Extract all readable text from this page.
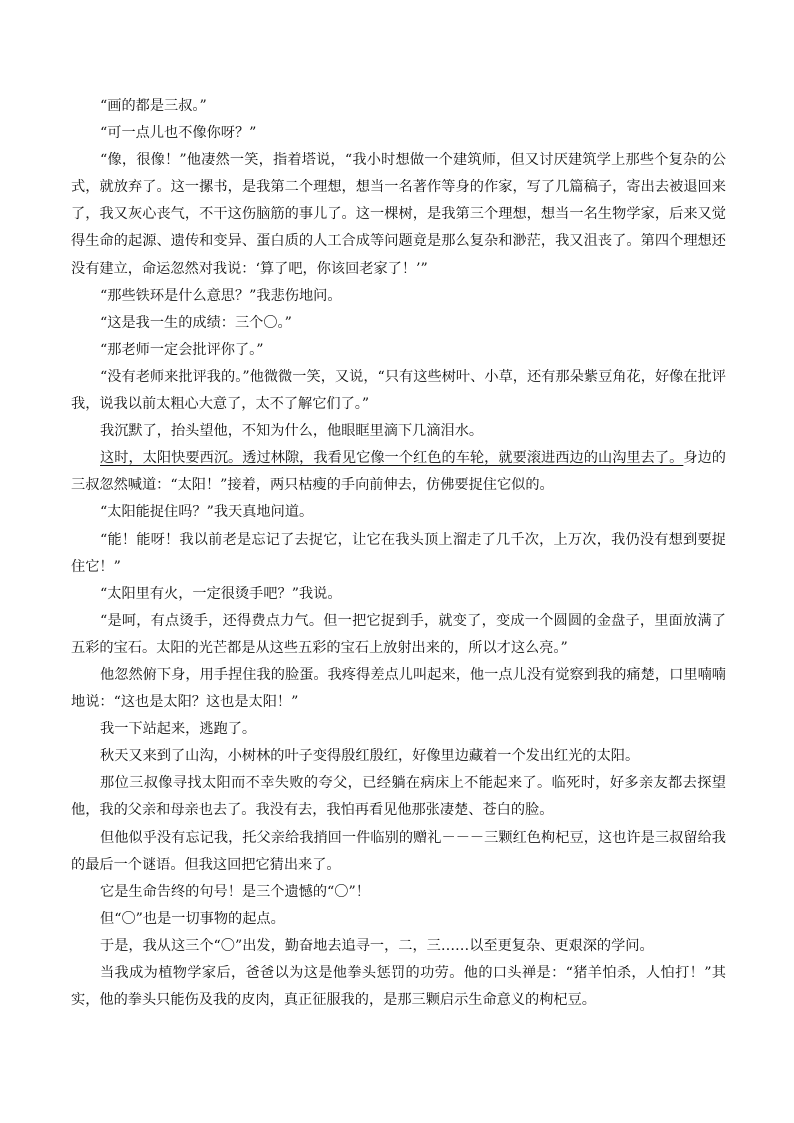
“画的都是三叔。”

“可一点儿也不像你呀？”

“像，很像！”他凄然一笑，指着塔说，“我小时想做一个建筑师，但又讨厌建筑学上那些个复杂的公式，就放弃了。这一摞书，是我第二个理想，想当一名著作等身的作家，写了几篇稿子，寄出去被退回来了，我又灰心丧气，不干这伤脑筋的事儿了。这一棵树，是我第三个理想，想当一名生物学家，后来又觉得生命的起源、遗传和变异、蛋白质的人工合成等问题竟是那么复杂和渺茫，我又沮丧了。第四个理想还没有建立，命运忽然对我说：‘算了吧，你该回老家了！’”

“那些铁环是什么意思？”我悲伤地问。

“这是我一生的成绩：三个〇。”

“那老师一定会批评你了。”

“没有老师来批评我的。”他微微一笑，又说，“只有这些树叶、小草，还有那朵紫豆角花，好像在批评我，说我以前太粗心大意了，太不了解它们了。”

我沉默了，抬头望他，不知为什么，他眼眶里滴下几滴泪水。

这时，太阳快要西沉。透过林隙，我看见它像一个红色的车轮，就要滚进西边的山沟里去了。身边的三叔忽然喊道：“太阳！”接着，两只枯瘦的手向前伸去，仿佛要捉住它似的。

“太阳能捉住吗？”我天真地问道。

“能！能呀！我以前老是忘记了去捉它，让它在我头顶上溜走了几千次，上万次，我仍没有想到要捉住它！”

“太阳里有火，一定很烫手吧？”我说。

“是呵，有点烫手，还得费点力气。但一把它捉到手，就变了，变成一个圆圆的金盘子，里面放满了五彩的宝石。太阳的光芒都是从这些五彩的宝石上放射出来的，所以才这么亮。”

他忽然俯下身，用手捏住我的脸蛋。我疼得差点儿叫起来，他一点儿没有觉察到我的痛楚，口里喃喃地说：“这也是太阳？这也是太阳！”

我一下站起来，逃跑了。

秋天又来到了山沟，小树林的叶子变得殷红殷红，好像里边藏着一个发出红光的太阳。

那位三叔像寻找太阳而不幸失败的夸父，已经躺在病床上不能起来了。临死时，好多亲友都去探望他，我的父亲和母亲也去了。我没有去，我怕再看见他那张凄楚、苍白的脸。

但他似乎没有忘记我，托父亲给我捎回一件临别的赠礼－－－三颗红色枸杞豆，这也许是三叔留给我的最后一个谜语。但我这回把它猜出来了。

它是生命告终的句号！是三个遗憾的“〇”！

但“〇”也是一切事物的起点。

于是，我从这三个“〇”出发，勤奋地去追寻一，二，三……以至更复杂、更艰深的学问。

当我成为植物学家后，爸爸以为这是他拳头惩罚的功劳。他的口头禅是：“猪羊怕杀，人怕打！”其实，他的拳头只能伤及我的皮肉，真正征服我的，是那三颗启示生命意义的枸杞豆。
